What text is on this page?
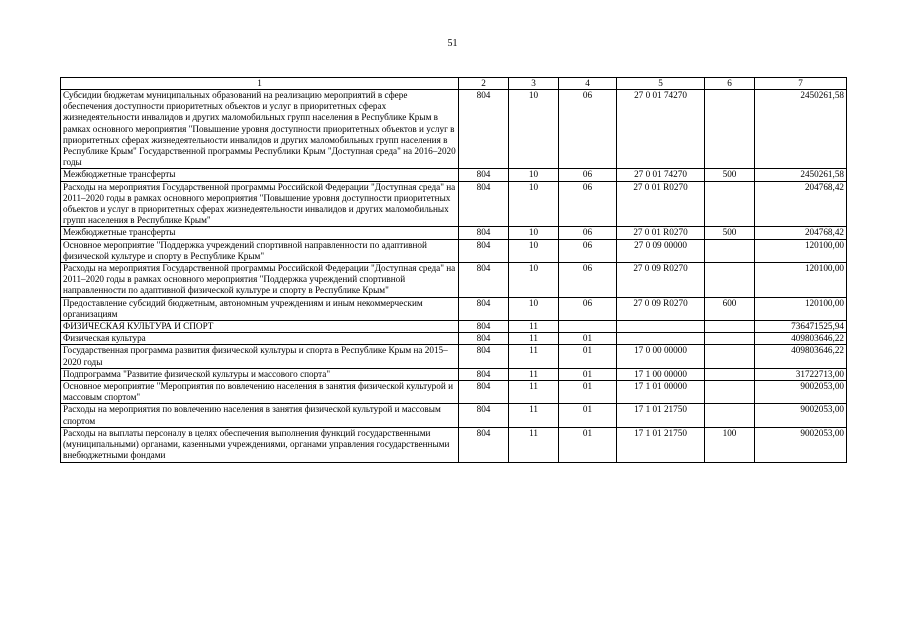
51
1	2	3	4	5	6	7
Субсидии бюджетам муниципальных образований на реализацию мероприятий в сфере обеспечения доступности приоритетных объектов и услуг в приоритетных сферах жизнедеятельности инвалидов и других маломобильных групп населения в Республике Крым в рамках основного мероприятия "Повышение уровня доступности приоритетных объектов и услуг в приоритетных сферах жизнедеятельности инвалидов и других маломобильных групп населения в Республике Крым" Государственной программы Республики Крым "Доступная среда" на 2016–2020 годы	804	10	06	27 0 01 74270		2450261,58
Межбюджетные трансферты	804	10	06	27 0 01 74270	500	2450261,58
Расходы на мероприятия Государственной программы Российской Федерации "Доступная среда" на 2011–2020 годы в рамках основного мероприятия "Повышение уровня доступности приоритетных объектов и услуг в приоритетных сферах жизнедеятельности инвалидов и других маломобильных групп населения в Республике Крым"	804	10	06	27 0 01 R0270		204768,42
Межбюджетные трансферты	804	10	06	27 0 01 R0270	500	204768,42
Основное мероприятие "Поддержка учреждений спортивной направленности по адаптивной физической культуре и спорту в Республике Крым"	804	10	06	27 0 09 00000		120100,00
Расходы на мероприятия Государственной программы Российской Федерации "Доступная среда" на 2011–2020 годы в рамках основного мероприятия "Поддержка учреждений спортивной направленности по адаптивной физической культуре и спорту в Республике Крым"	804	10	06	27 0 09 R0270		120100,00
Предоставление субсидий бюджетным, автономным учреждениям и иным некоммерческим организациям	804	10	06	27 0 09 R0270	600	120100,00
ФИЗИЧЕСКАЯ КУЛЬТУРА И СПОРТ	804	11				736471525,94
Физическая культура	804	11	01			409803646,22
Государственная программа развития физической культуры и спорта в Республике Крым на 2015–2020 годы	804	11	01	17 0 00 00000		409803646,22
Подпрограмма "Развитие физической культуры и массового спорта"	804	11	01	17 1 00 00000		31722713,00
Основное мероприятие "Мероприятия по вовлечению населения в занятия физической культурой и массовым спортом"	804	11	01	17 1 01 00000		9002053,00
Расходы на мероприятия по вовлечению населения в занятия физической культурой и массовым спортом	804	11	01	17 1 01 21750		9002053,00
Расходы на выплаты персоналу в целях обеспечения выполнения функций государственными (муниципальными) органами, казенными учреждениями, органами управления государственными внебюджетными фондами	804	11	01	17 1 01 21750	100	9002053,00
